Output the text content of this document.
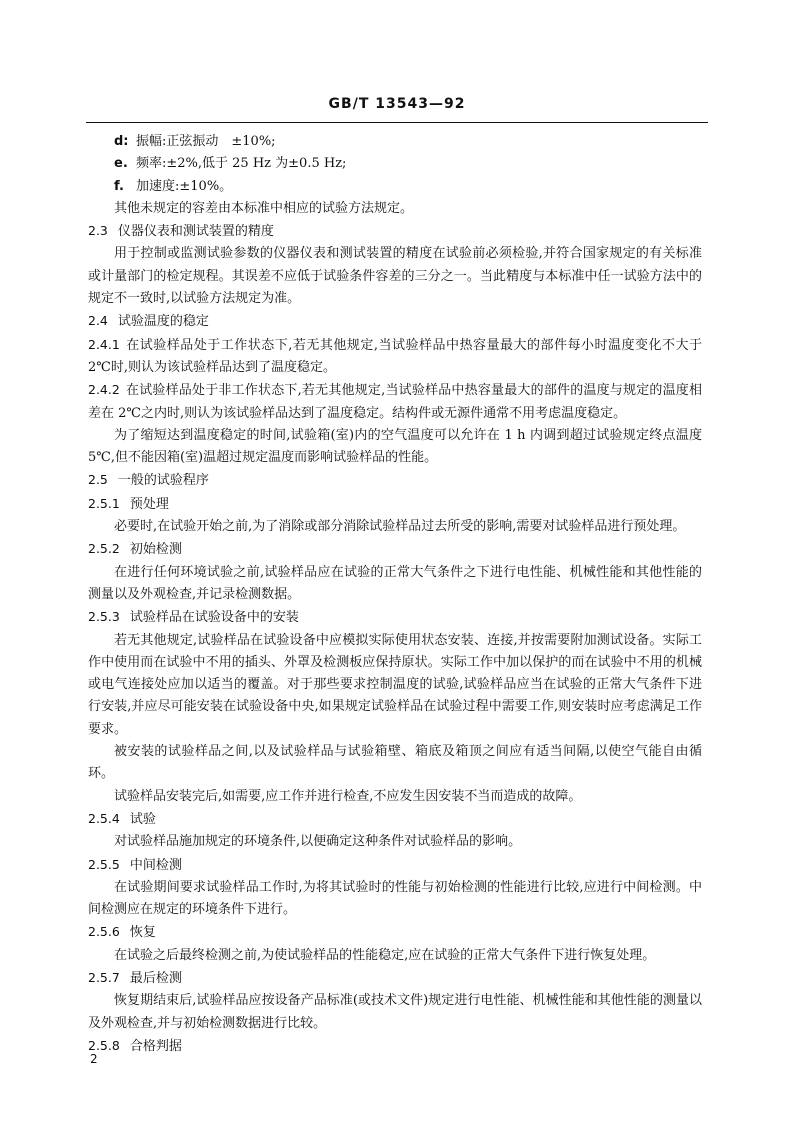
GB/T 13543—92
d: 振幅:正弦振动　±10%;
e. 频率:±2%,低于 25 Hz 为±0.5 Hz;
f. 加速度:±10%。
其他未规定的容差由本标准中相应的试验方法规定。
2.3 仪器仪表和测试装置的精度
用于控制或监测试验参数的仪器仪表和测试装置的精度在试验前必须检验,并符合国家规定的有关标准或计量部门的检定规程。其误差不应低于试验条件容差的三分之一。当此精度与本标准中任一试验方法中的规定不一致时,以试验方法规定为准。
2.4 试验温度的稳定
2.4.1 在试验样品处于工作状态下,若无其他规定,当试验样品中热容量最大的部件每小时温度变化不大于 2℃时,则认为该试验样品达到了温度稳定。
2.4.2 在试验样品处于非工作状态下,若无其他规定,当试验样品中热容量最大的部件的温度与规定的温度相差在 2℃之内时,则认为该试验样品达到了温度稳定。结构件或无源件通常不用考虑温度稳定。
为了缩短达到温度稳定的时间,试验箱(室)内的空气温度可以允许在 1 h 内调到超过试验规定终点温度 5℃,但不能因箱(室)温超过规定温度而影响试验样品的性能。
2.5 一般的试验程序
2.5.1 预处理
必要时,在试验开始之前,为了消除或部分消除试验样品过去所受的影响,需要对试验样品进行预处理。
2.5.2 初始检测
在进行任何环境试验之前,试验样品应在试验的正常大气条件之下进行电性能、机械性能和其他性能的测量以及外观检查,并记录检测数据。
2.5.3 试验样品在试验设备中的安装
若无其他规定,试验样品在试验设备中应模拟实际使用状态安装、连接,并按需要附加测试设备。实际工作中使用而在试验中不用的插头、外罩及检测板应保持原状。实际工作中加以保护的而在试验中不用的机械或电气连接处应加以适当的覆盖。对于那些要求控制温度的试验,试验样品应当在试验的正常大气条件下进行安装,并应尽可能安装在试验设备中央,如果规定试验样品在试验过程中需要工作,则安装时应考虑满足工作要求。
被安装的试验样品之间,以及试验样品与试验箱壁、箱底及箱顶之间应有适当间隔,以使空气能自由循环。
试验样品安装完后,如需要,应工作并进行检查,不应发生因安装不当而造成的故障。
2.5.4 试验
对试验样品施加规定的环境条件,以便确定这种条件对试验样品的影响。
2.5.5 中间检测
在试验期间要求试验样品工作时,为将其试验时的性能与初始检测的性能进行比较,应进行中间检测。中间检测应在规定的环境条件下进行。
2.5.6 恢复
在试验之后最终检测之前,为使试验样品的性能稳定,应在试验的正常大气条件下进行恢复处理。
2.5.7 最后检测
恢复期结束后,试验样品应按设备产品标准(或技术文件)规定进行电性能、机械性能和其他性能的测量以及外观检查,并与初始检测数据进行比较。
2.5.8 合格判据
2
